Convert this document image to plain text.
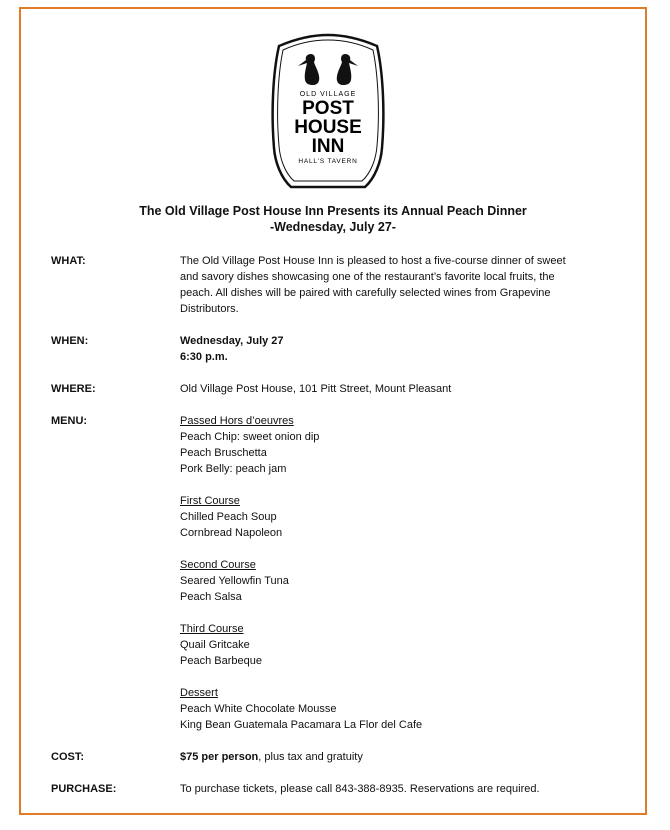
OLD VILLAGE
POST
HOUSE
INN
HALL'S TAVERN
The Old Village Post House Inn Presents its Annual Peach Dinner
-Wednesday, July 27-
WHAT:	The Old Village Post House Inn is pleased to host a five-course dinner of sweet
and savory dishes showcasing one of the restaurant’s favorite local fruits, the
peach. All dishes will be paired with carefully selected wines from Grapevine
Distributors.
WHEN:	Wednesday, July 27
6:30 p.m.
WHERE:	Old Village Post House, 101 Pitt Street, Mount Pleasant
MENU:	Passed Hors d’oeuvres
Peach Chip: sweet onion dip
Peach Bruschetta
Pork Belly: peach jam
First Course
Chilled Peach Soup
Cornbread Napoleon
Second Course
Seared Yellowfin Tuna
Peach Salsa
Third Course
Quail Gritcake
Peach Barbeque
Dessert
Peach White Chocolate Mousse
King Bean Guatemala Pacamara La Flor del Cafe
COST:	$75 per person, plus tax and gratuity
PURCHASE:	To purchase tickets, please call 843-388-8935. Reservations are required.
